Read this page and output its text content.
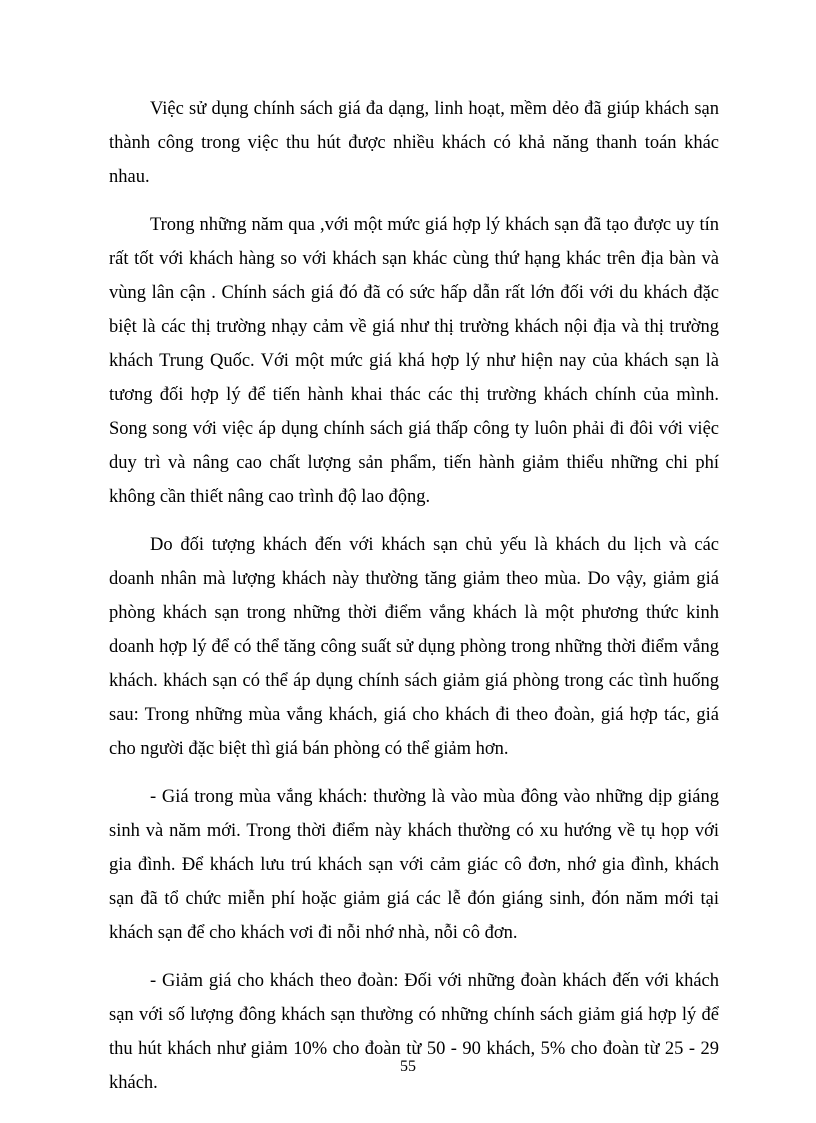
Việc sử dụng chính sách giá đa dạng, linh hoạt, mềm dẻo đã giúp khách sạn thành công trong việc thu hút được nhiều khách có khả năng thanh toán khác nhau.

Trong những năm qua ,với một mức giá hợp lý khách sạn đã tạo được uy tín rất tốt với khách hàng so với khách sạn khác cùng thứ hạng khác trên địa bàn và vùng lân cận . Chính sách giá đó đã có sức hấp dẫn rất lớn đối với du khách đặc biệt là các thị trường nhạy cảm về giá như thị trường khách nội địa và thị trường khách Trung Quốc. Với một mức giá khá hợp lý như hiện nay của khách sạn là tương đối hợp lý để tiến hành khai thác các thị trường khách chính của mình. Song song với việc áp dụng chính sách giá thấp công ty luôn phải đi đôi với việc duy trì và nâng cao chất lượng sản phẩm, tiến hành giảm thiểu những chi phí không cần thiết nâng cao trình độ lao động.

Do đối tượng khách đến với khách sạn chủ yếu là khách du lịch và các doanh nhân mà lượng khách này thường tăng giảm theo mùa. Do vậy, giảm giá phòng khách sạn trong những thời điểm vắng khách là một phương thức kinh doanh hợp lý để có thể tăng công suất sử dụng phòng trong những thời điểm vắng khách. khách sạn có thể áp dụng chính sách giảm giá phòng trong các tình huống sau: Trong những mùa vắng khách, giá cho khách đi theo đoàn, giá hợp tác, giá cho người đặc biệt thì giá bán phòng có thể giảm hơn.

- Giá trong mùa vắng khách: thường là vào mùa đông vào những dịp giáng sinh và năm mới. Trong thời điểm này khách thường có xu hướng về tụ họp với gia đình. Để khách lưu trú khách sạn với cảm giác cô đơn, nhớ gia đình, khách sạn đã tổ chức miễn phí hoặc giảm giá các lễ đón giáng sinh, đón năm mới tại khách sạn để cho khách vơi đi nỗi nhớ nhà, nỗi cô đơn.

- Giảm giá cho khách theo đoàn: Đối với những đoàn khách đến với khách sạn với số lượng đông khách sạn thường có những chính sách giảm giá hợp lý để thu hút khách như giảm 10% cho đoàn từ 50 - 90 khách, 5% cho đoàn từ 25 - 29 khách.

55
